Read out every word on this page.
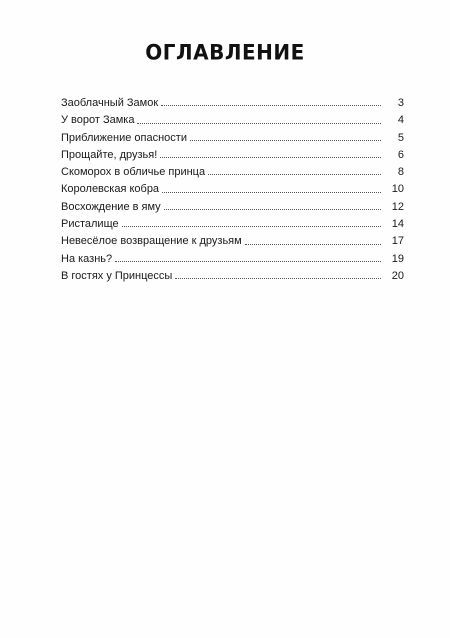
ОГЛАВЛЕНИЕ
Заоблачный Замок	3
У ворот Замка	4
Приближение опасности	5
Прощайте, друзья!	6
Скоморох в обличье принца	8
Королевская кобра	10
Восхождение в яму	12
Ристалище	14
Невесёлое возвращение к друзьям	17
На казнь?	19
В гостях у Принцессы	20
